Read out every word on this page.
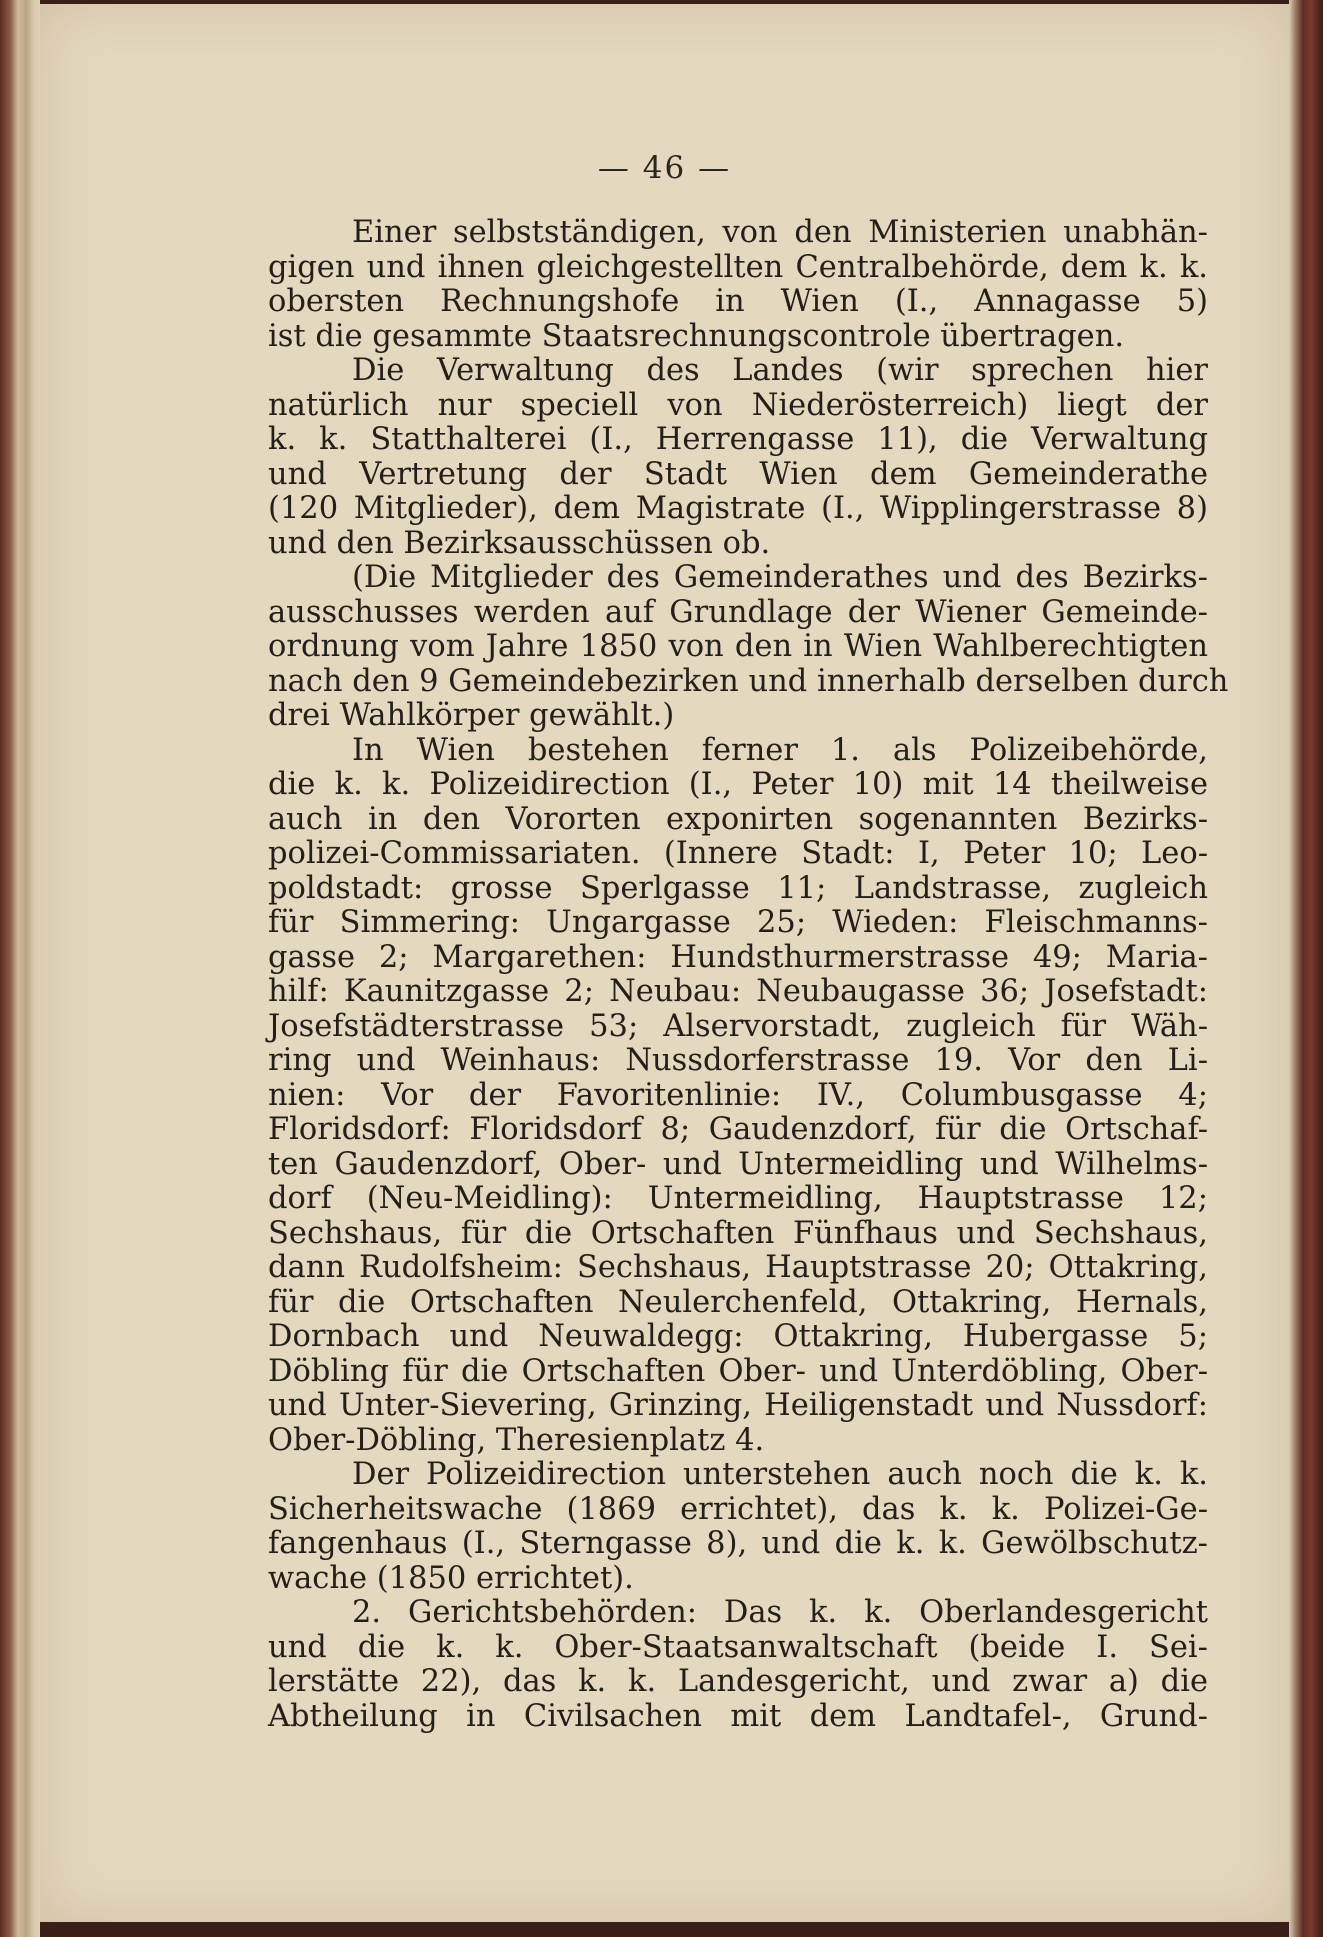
— 46 —
Einer selbstständigen, von den Ministerien unabhän-
gigen und ihnen gleichgestellten Centralbehörde, dem k. k.
obersten Rechnungshofe in Wien (I., Annagasse 5)
ist die gesammte Staatsrechnungscontrole übertragen.
Die Verwaltung des Landes (wir sprechen hier
natürlich nur speciell von Niederösterreich) liegt der
k. k. Statthalterei (I., Herrengasse 11), die Verwaltung
und Vertretung der Stadt Wien dem Gemeinderathe
(120 Mitglieder), dem Magistrate (I., Wipplingerstrasse 8)
und den Bezirksausschüssen ob.
(Die Mitglieder des Gemeinderathes und des Bezirks-
ausschusses werden auf Grundlage der Wiener Gemeinde-
ordnung vom Jahre 1850 von den in Wien Wahlberechtigten
nach den 9 Gemeindebezirken und innerhalb derselben durch
drei Wahlkörper gewählt.)
In Wien bestehen ferner 1. als Polizeibehörde,
die k. k. Polizeidirection (I., Peter 10) mit 14 theilweise
auch in den Vororten exponirten sogenannten Bezirks-
polizei-Commissariaten. (Innere Stadt: I, Peter 10; Leo-
poldstadt: grosse Sperlgasse 11; Landstrasse, zugleich
für Simmering: Ungargasse 25; Wieden: Fleischmanns-
gasse 2; Margarethen: Hundsthurmerstrasse 49; Maria-
hilf: Kaunitzgasse 2; Neubau: Neubaugasse 36; Josefstadt:
Josefstädterstrasse 53; Alservorstadt, zugleich für Wäh-
ring und Weinhaus: Nussdorferstrasse 19. Vor den Li-
nien: Vor der Favoritenlinie: IV., Columbusgasse 4;
Floridsdorf: Floridsdorf 8; Gaudenzdorf, für die Ortschaf-
ten Gaudenzdorf, Ober- und Untermeidling und Wilhelms-
dorf (Neu-Meidling): Untermeidling, Hauptstrasse 12;
Sechshaus, für die Ortschaften Fünfhaus und Sechshaus,
dann Rudolfsheim: Sechshaus, Hauptstrasse 20; Ottakring,
für die Ortschaften Neulerchenfeld, Ottakring, Hernals,
Dornbach und Neuwaldegg: Ottakring, Hubergasse 5;
Döbling für die Ortschaften Ober- und Unterdöbling, Ober-
und Unter-Sievering, Grinzing, Heiligenstadt und Nussdorf:
Ober-Döbling, Theresienplatz 4.
Der Polizeidirection unterstehen auch noch die k. k.
Sicherheitswache (1869 errichtet), das k. k. Polizei-Ge-
fangenhaus (I., Sterngasse 8), und die k. k. Gewölbschutz-
wache (1850 errichtet).
2. Gerichtsbehörden: Das k. k. Oberlandesgericht
und die k. k. Ober-Staatsanwaltschaft (beide I. Sei-
lerstätte 22), das k. k. Landesgericht, und zwar a) die
Abtheilung in Civilsachen mit dem Landtafel-, Grund-
